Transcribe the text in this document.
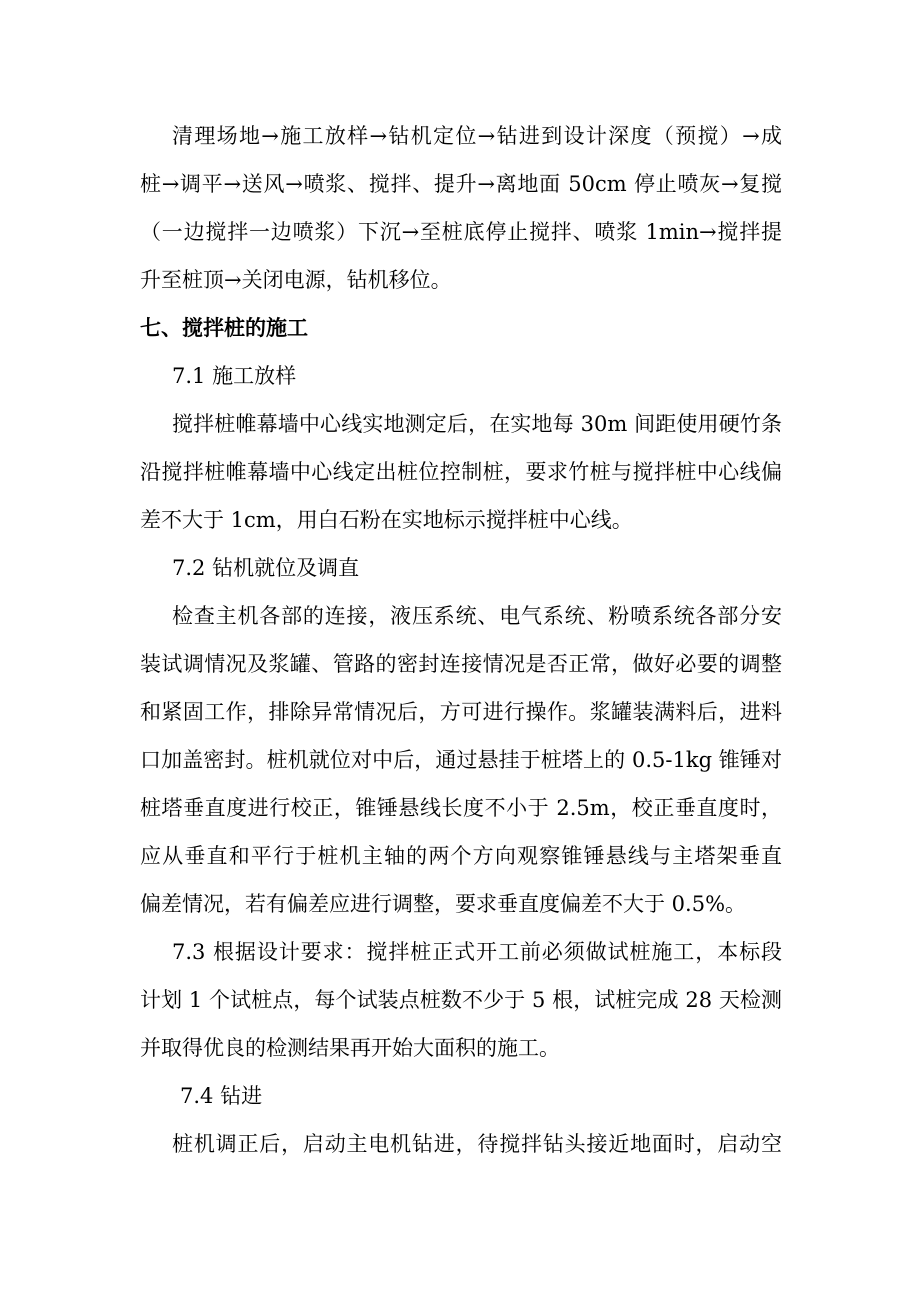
清理场地→施工放样→钻机定位→钻进到设计深度（预搅）→成
桩→调平→送风→喷浆、搅拌、提升→离地面 50cm 停止喷灰→复搅
（一边搅拌一边喷浆）下沉→至桩底停止搅拌、喷浆 1min→搅拌提
升至桩顶→关闭电源，钻机移位。
七、搅拌桩的施工
7.1 施工放样
搅拌桩帷幕墙中心线实地测定后，在实地每 30m 间距使用硬竹条
沿搅拌桩帷幕墙中心线定出桩位控制桩，要求竹桩与搅拌桩中心线偏
差不大于 1cm，用白石粉在实地标示搅拌桩中心线。
7.2 钻机就位及调直
检查主机各部的连接，液压系统、电气系统、粉喷系统各部分安
装试调情况及浆罐、管路的密封连接情况是否正常，做好必要的调整
和紧固工作，排除异常情况后，方可进行操作。浆罐装满料后，进料
口加盖密封。桩机就位对中后，通过悬挂于桩塔上的 0.5-1kg 锥锤对
桩塔垂直度进行校正，锥锤悬线长度不小于 2.5m，校正垂直度时，
应从垂直和平行于桩机主轴的两个方向观察锥锤悬线与主塔架垂直
偏差情况，若有偏差应进行调整，要求垂直度偏差不大于 0.5%。
7.3 根据设计要求：搅拌桩正式开工前必须做试桩施工，本标段
计划 1 个试桩点，每个试装点桩数不少于 5 根，试桩完成 28 天检测
并取得优良的检测结果再开始大面积的施工。
7.4 钻进
桩机调正后，启动主电机钻进，待搅拌钻头接近地面时，启动空
